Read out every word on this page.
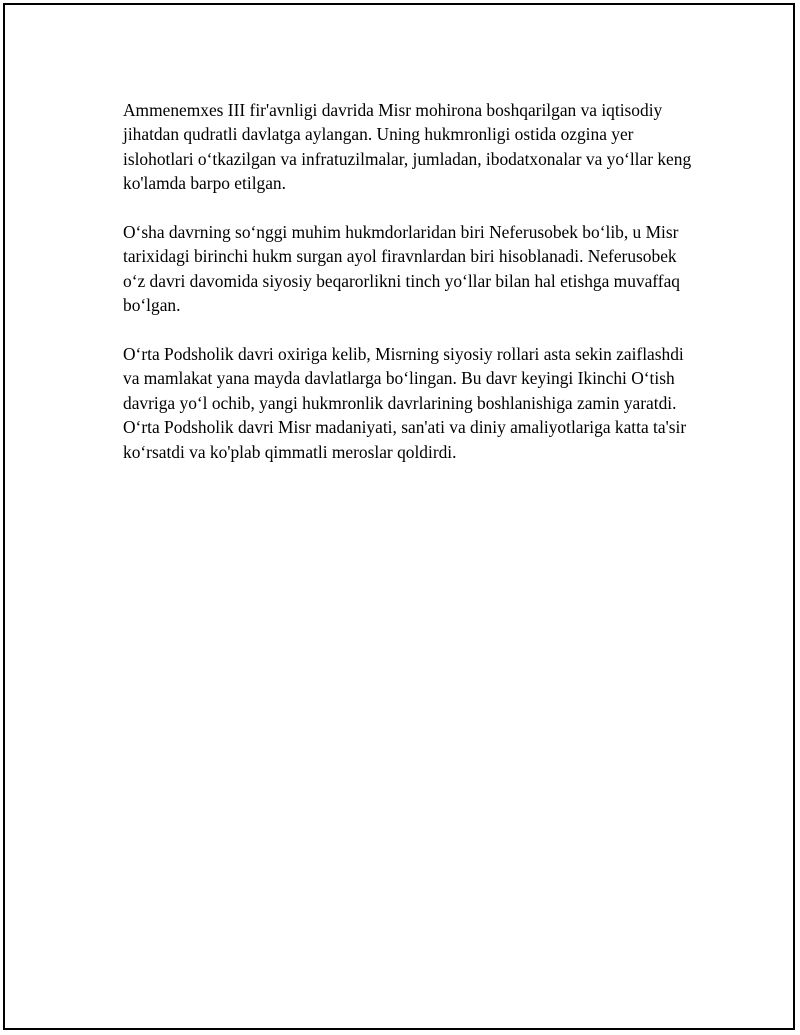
Ammenemxes III fir'avnligi davrida Misr mohirona boshqarilgan va iqtisodiy jihatdan qudratli davlatga aylangan. Uning hukmronligi ostida ozgina yer islohotlari o‘tkazilgan va infratuzilmalar, jumladan, ibodatxonalar va yo‘llar keng ko'lamda barpo etilgan.

O‘sha davrning so‘nggi muhim hukmdorlaridan biri Neferusobek bo‘lib, u Misr tarixidagi birinchi hukm surgan ayol firavnlardan biri hisoblanadi. Neferusobek o‘z davri davomida siyosiy beqarorlikni tinch yo‘llar bilan hal etishga muvaffaq bo‘lgan.

O‘rta Podsholik davri oxiriga kelib, Misrning siyosiy rollari asta sekin zaiflashdi va mamlakat yana mayda davlatlarga bo‘lingan. Bu davr keyingi Ikinchi O‘tish davriga yo‘l ochib, yangi hukmronlik davrlarining boshlanishiga zamin yaratdi. O‘rta Podsholik davri Misr madaniyati, san'ati va diniy amaliyotlariga katta ta'sir ko‘rsatdi va ko'plab qimmatli meroslar qoldirdi.
